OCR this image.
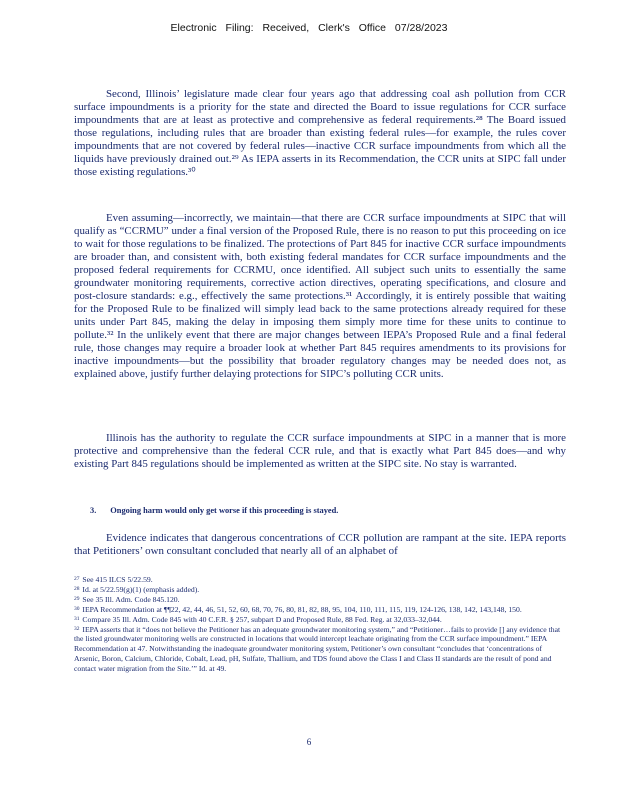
Electronic Filing: Received, Clerk's Office 07/28/2023

Second, Illinois’ legislature made clear four years ago that addressing coal ash pollution from CCR surface impoundments is a priority for the state and directed the Board to issue regulations for CCR surface impoundments that are at least as protective and comprehensive as federal requirements.²⁸ The Board issued those regulations, including rules that are broader than existing federal rules—for example, the rules cover impoundments that are not covered by federal rules—inactive CCR surface impoundments from which all the liquids have previously drained out.²⁹ As IEPA asserts in its Recommendation, the CCR units at SIPC fall under those existing regulations.³⁰

Even assuming—incorrectly, we maintain—that there are CCR surface impoundments at SIPC that will qualify as “CCRMU” under a final version of the Proposed Rule, there is no reason to put this proceeding on ice to wait for those regulations to be finalized. The protections of Part 845 for inactive CCR surface impoundments are broader than, and consistent with, both existing federal mandates for CCR surface impoundments and the proposed federal requirements for CCRMU, once identified. All subject such units to essentially the same groundwater monitoring requirements, corrective action directives, operating specifications, and closure and post-closure standards: e.g., effectively the same protections.³¹ Accordingly, it is entirely possible that waiting for the Proposed Rule to be finalized will simply lead back to the same protections already required for these units under Part 845, making the delay in imposing them simply more time for these units to continue to pollute.³² In the unlikely event that there are major changes between IEPA’s Proposed Rule and a final federal rule, those changes may require a broader look at whether Part 845 requires amendments to its provisions for inactive impoundments—but the possibility that broader regulatory changes may be needed does not, as explained above, justify further delaying protections for SIPC’s polluting CCR units.

Illinois has the authority to regulate the CCR surface impoundments at SIPC in a manner that is more protective and comprehensive than the federal CCR rule, and that is exactly what Part 845 does—and why existing Part 845 regulations should be implemented as written at the SIPC site. No stay is warranted.

3. Ongoing harm would only get worse if this proceeding is stayed.

Evidence indicates that dangerous concentrations of CCR pollution are rampant at the site. IEPA reports that Petitioners’ own consultant concluded that nearly all of an alphabet of

$^{27}$ See 415 ILCS 5/22.59.

$^{28}$ Id. at 5/22.59(g)(1) (emphasis added).

$^{29}$ See 35 Ill. Adm. Code 845.120.

$^{30}$ IEPA Recommendation at ¶¶22, 42, 44, 46, 51, 52, 60, 68, 70, 76, 80, 81, 82, 88, 95, 104, 110, 111, 115, 119, 124-126, 138, 142, 143,148, 150.

$^{31}$ Compare 35 Ill. Adm. Code 845 with 40 C.F.R. § 257, subpart D and Proposed Rule, 88 Fed. Reg. at 32,033–32,044.

$^{32}$ IEPA asserts that it “does not believe the Petitioner has an adequate groundwater monitoring system,” and “Petitioner…fails to provide [] any evidence that the listed groundwater monitoring wells are constructed in locations that would intercept leachate originating from the CCR surface impoundment.” IEPA Recommendation at 47. Notwithstanding the inadequate groundwater monitoring system, Petitioner’s own consultant “concludes that ‘concentrations of Arsenic, Boron, Calcium, Chloride, Cobalt, Lead, pH, Sulfate, Thallium, and TDS found above the Class I and Class II standards are the result of pond and contact water migration from the Site.’” Id. at 49.

6
